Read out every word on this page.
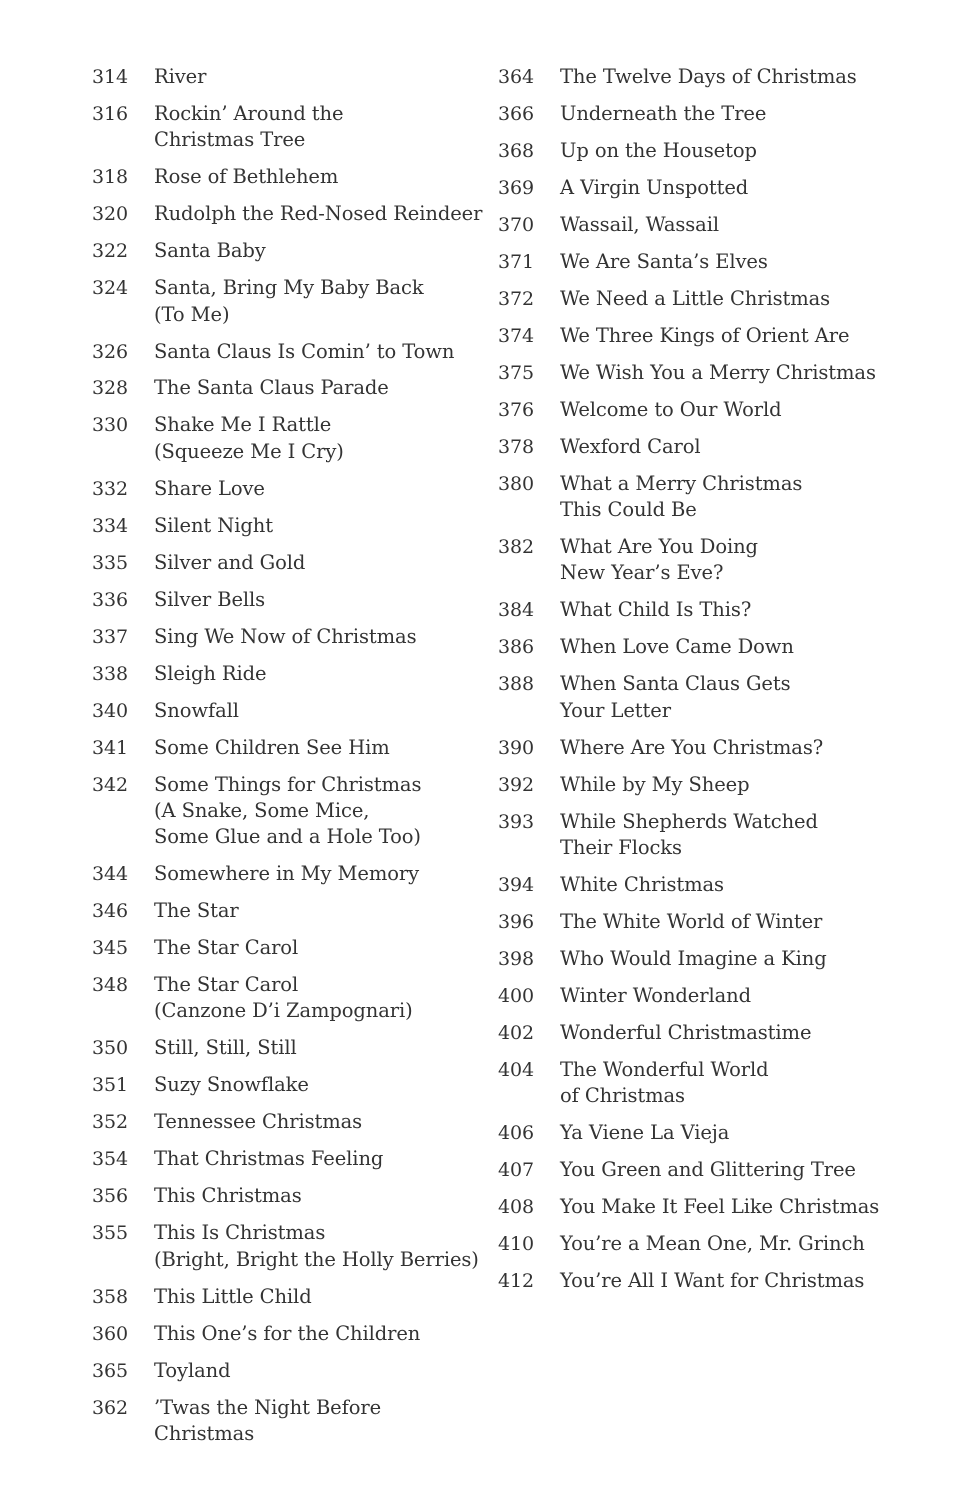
314 River
316 Rockin’ Around the
Christmas Tree
318 Rose of Bethlehem
320 Rudolph the Red-Nosed Reindeer
322 Santa Baby
324 Santa, Bring My Baby Back
(To Me)
326 Santa Claus Is Comin’ to Town
328 The Santa Claus Parade
330 Shake Me I Rattle
(Squeeze Me I Cry)
332 Share Love
334 Silent Night
335 Silver and Gold
336 Silver Bells
337 Sing We Now of Christmas
338 Sleigh Ride
340 Snowfall
341 Some Children See Him
342 Some Things for Christmas
(A Snake, Some Mice,
Some Glue and a Hole Too)
344 Somewhere in My Memory
346 The Star
345 The Star Carol
348 The Star Carol
(Canzone D’i Zampognari)
350 Still, Still, Still
351 Suzy Snowflake
352 Tennessee Christmas
354 That Christmas Feeling
356 This Christmas
355 This Is Christmas
(Bright, Bright the Holly Berries)
358 This Little Child
360 This One’s for the Children
365 Toyland
362 ’Twas the Night Before Christmas
364 The Twelve Days of Christmas
366 Underneath the Tree
368 Up on the Housetop
369 A Virgin Unspotted
370 Wassail, Wassail
371 We Are Santa’s Elves
372 We Need a Little Christmas
374 We Three Kings of Orient Are
375 We Wish You a Merry Christmas
376 Welcome to Our World
378 Wexford Carol
380 What a Merry Christmas
This Could Be
382 What Are You Doing
New Year’s Eve?
384 What Child Is This?
386 When Love Came Down
388 When Santa Claus Gets
Your Letter
390 Where Are You Christmas?
392 While by My Sheep
393 While Shepherds Watched
Their Flocks
394 White Christmas
396 The White World of Winter
398 Who Would Imagine a King
400 Winter Wonderland
402 Wonderful Christmastime
404 The Wonderful World
of Christmas
406 Ya Viene La Vieja
407 You Green and Glittering Tree
408 You Make It Feel Like Christmas
410 You’re a Mean One, Mr. Grinch
412 You’re All I Want for Christmas
